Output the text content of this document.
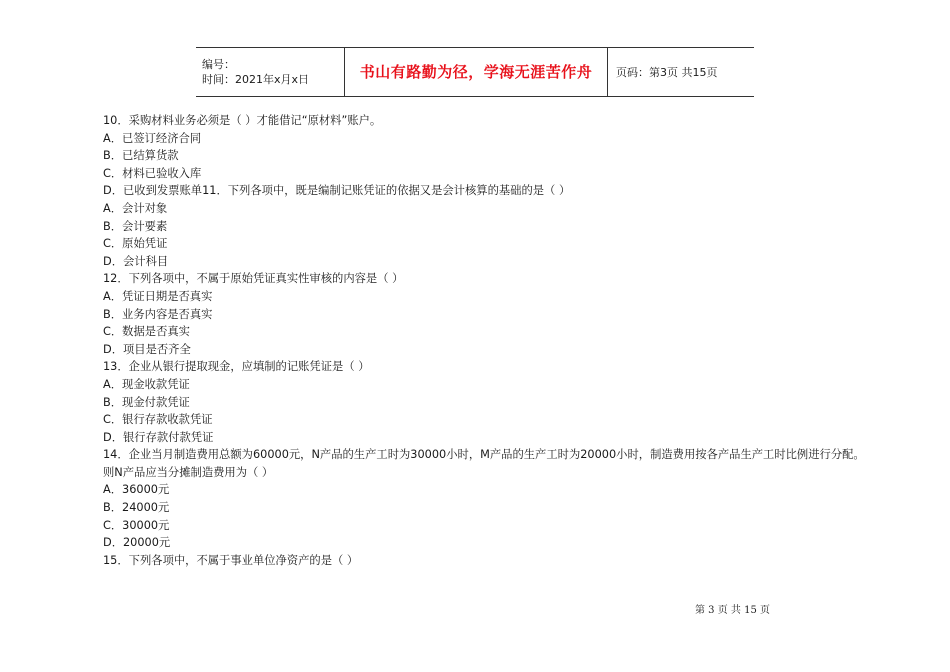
编号：
时间：2021年x月x日	书山有路勤为径，学海无涯苦作舟 页码：第3页 共15页
10．采购材料业务必须是（ ）才能借记“原材料”账户。
A．已签订经济合同
B．已结算货款
C．材料已验收入库
D．已收到发票账单11．下列各项中，既是编制记账凭证的依据又是会计核算的基础的是（ ）
A．会计对象
B．会计要素
C．原始凭证
D．会计科目
12．下列各项中，不属于原始凭证真实性审核的内容是（ ）
A．凭证日期是否真实
B．业务内容是否真实
C．数据是否真实
D．项目是否齐全
13．企业从银行提取现金，应填制的记账凭证是（ ）
A．现金收款凭证
B．现金付款凭证
C．银行存款收款凭证
D．银行存款付款凭证
14．企业当月制造费用总额为60000元，N产品的生产工时为30000小时，M产品的生产工时为20000小时，制造费用按各产品生产工时比例进行分配。则N产品应当分摊制造费用为（ ）
A．36000元
B．24000元
C．30000元
D．20000元
15．下列各项中，不属于事业单位净资产的是（ ）
第 3 页 共 15 页
